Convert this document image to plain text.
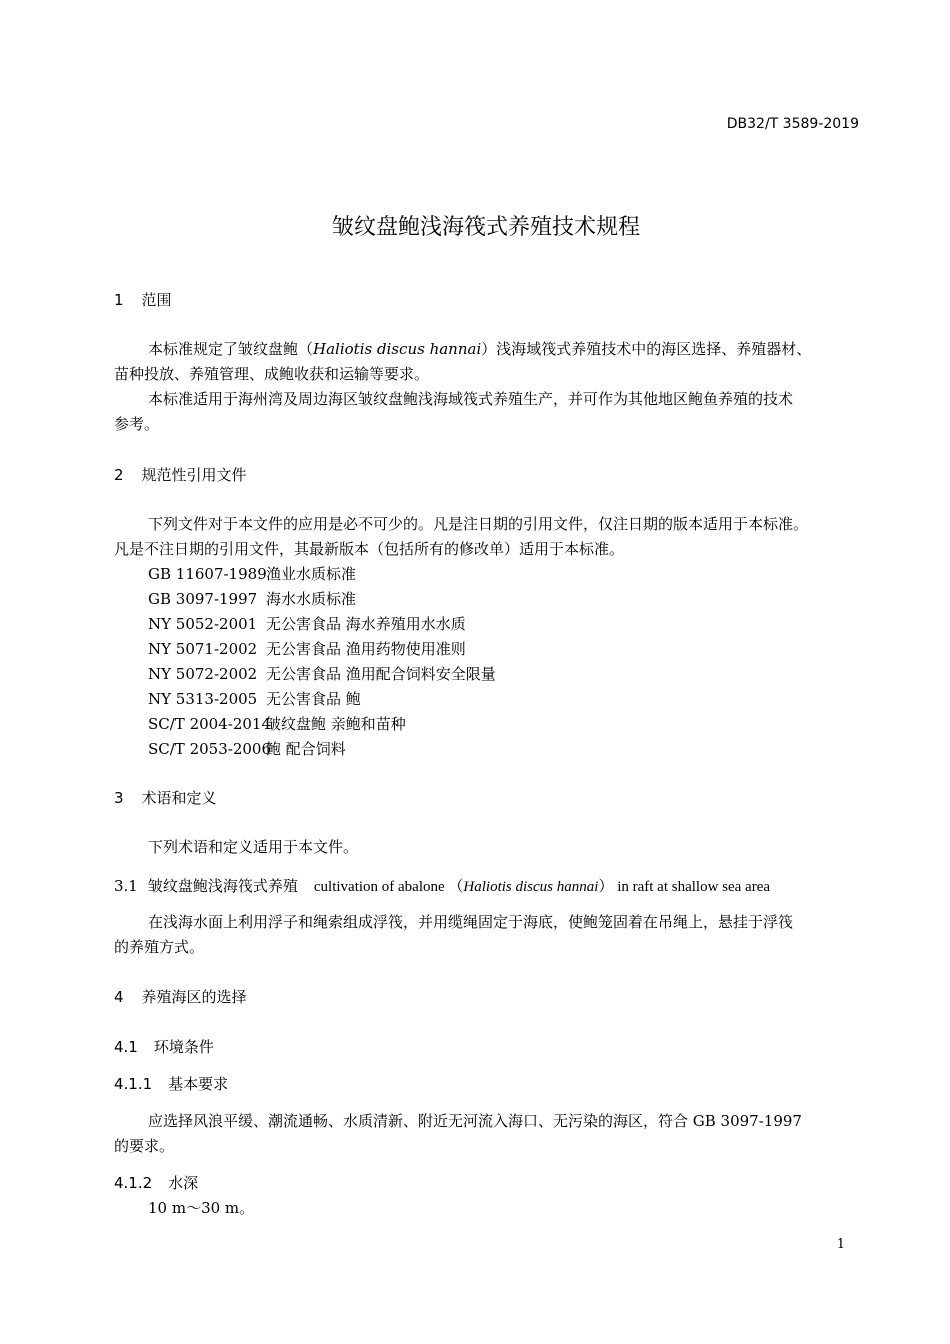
DB32/T 3589-2019
皱纹盘鲍浅海筏式养殖技术规程
1 范围
本标准规定了皱纹盘鲍（Haliotis discus hannai）浅海域筏式养殖技术中的海区选择、养殖器材、
苗种投放、养殖管理、成鲍收获和运输等要求。
本标准适用于海州湾及周边海区皱纹盘鲍浅海域筏式养殖生产，并可作为其他地区鲍鱼养殖的技术
参考。
2 规范性引用文件
下列文件对于本文件的应用是必不可少的。凡是注日期的引用文件，仅注日期的版本适用于本标准。
凡是不注日期的引用文件，其最新版本（包括所有的修改单）适用于本标准。
GB 11607-1989渔业水质标准
GB 3097-1997 海水水质标准
NY 5052-2001 无公害食品 海水养殖用水水质
NY 5071-2002 无公害食品 渔用药物使用准则
NY 5072-2002 无公害食品 渔用配合饲料安全限量
NY 5313-2005 无公害食品 鲍
SC/T 2004-2014皱纹盘鲍 亲鲍和苗种
SC/T 2053-2006鲍 配合饲料
3 术语和定义
下列术语和定义适用于本文件。
3.1 皱纹盘鲍浅海筏式养殖 cultivation of abalone （Haliotis discus hannai） in raft at shallow sea area
在浅海水面上利用浮子和绳索组成浮筏，并用缆绳固定于海底，使鲍笼固着在吊绳上，悬挂于浮筏
的养殖方式。
4 养殖海区的选择
4.1 环境条件
4.1.1 基本要求
应选择风浪平缓、潮流通畅、水质清新、附近无河流入海口、无污染的海区，符合 GB 3097-1997
的要求。
4.1.2 水深
10 m～30 m。
1
